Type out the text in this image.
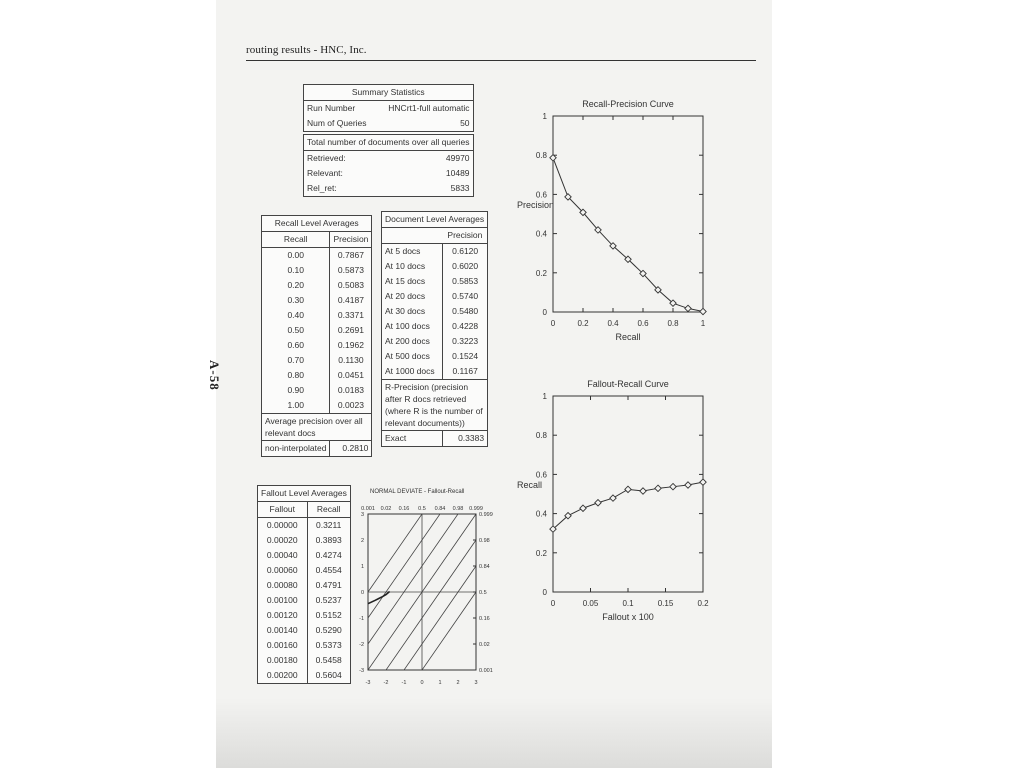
routing results - HNC, Inc.
A-58
Summary Statistics	
Run Number	HNCrt1-full automatic
Num of Queries	50

Total number of documents over all queries	
Retrieved:	49970
Relevant:	10489
Rel_ret:	5833
Recall Level Averages	
Recall	Precision
0.00	0.7867
0.10	0.5873
0.20	0.5083
0.30	0.4187
0.40	0.3371
0.50	0.2691
0.60	0.1962
0.70	0.1130
0.80	0.0451
0.90	0.0183
1.00	0.0023
Average precision over all relevant docs	
non-interpolated	0.2810
Document Level Averages	
	Precision
At 5 docs	0.6120
At 10 docs	0.6020
At 15 docs	0.5853
At 20 docs	0.5740
At 30 docs	0.5480
At 100 docs	0.4228
At 200 docs	0.3223
At 500 docs	0.1524
At 1000 docs	0.1167
R-Precision (precision after R docs retrieved (where R is the number of relevant documents))	
Exact	0.3383
Fallout Level Averages	
Fallout	Recall
0.00000	0.3211
0.00020	0.3893
0.00040	0.4274
0.00060	0.4554
0.00080	0.4791
0.00100	0.5237
0.00120	0.5152
0.00140	0.5290
0.00160	0.5373
0.00180	0.5458
0.00200	0.5604
Recall-Precision Curve
Recall
Precision
0	0.2 0.4 0.6 0.8	1
0
0.2
0.4
0.6
0.8
1
Fallout-Recall Curve
Fallout x 100
Recall
0	0.05	0.1	0.15	0.2
0
0.2
0.4
0.6
0.8
1
NORMAL DEVIATE - Fallout-Recall
0.001 0.02 0.16 0.5 0.84 0.98 0.999
0.999
0.98
0.84
0.5
0.16
0.02
0.001
3
2
1
0
-1
-2
-3
-3 -2 -1	0	1	2	3
